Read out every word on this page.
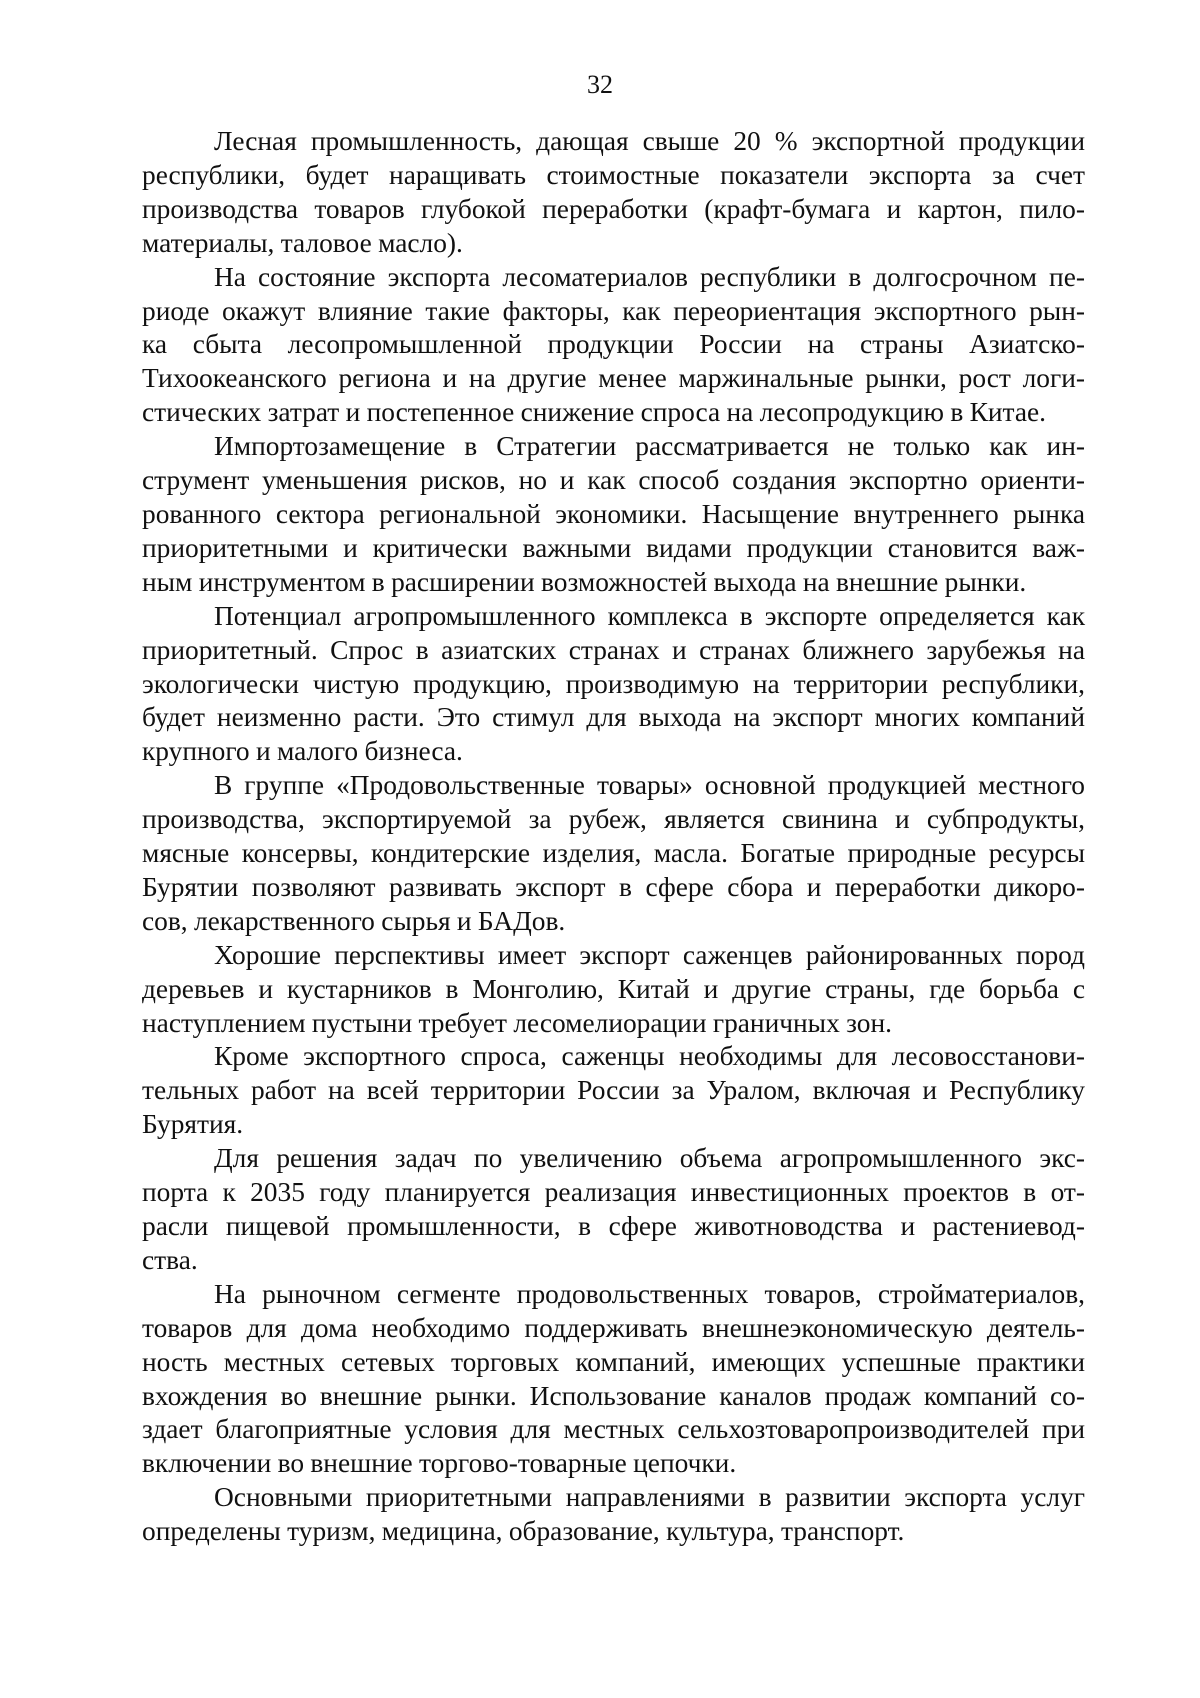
32
Лесная промышленность, дающая свыше 20 % экспортной продукции
республики, будет наращивать стоимостные показатели экспорта за счет
производства товаров глубокой переработки (крафт-бумага и картон, пило-
материалы, таловое масло).
На состояние экспорта лесоматериалов республики в долгосрочном пе-
риоде окажут влияние такие факторы, как переориентация экспортного рын-
ка сбыта лесопромышленной продукции России на страны Азиатско-
Тихоокеанского региона и на другие менее маржинальные рынки, рост логи-
стических затрат и постепенное снижение спроса на лесопродукцию в Китае.
Импортозамещение в Стратегии рассматривается не только как ин-
струмент уменьшения рисков, но и как способ создания экспортно ориенти-
рованного сектора региональной экономики. Насыщение внутреннего рынка
приоритетными и критически важными видами продукции становится важ-
ным инструментом в расширении возможностей выхода на внешние рынки.
Потенциал агропромышленного комплекса в экспорте определяется как
приоритетный. Спрос в азиатских странах и странах ближнего зарубежья на
экологически чистую продукцию, производимую на территории республики,
будет неизменно расти. Это стимул для выхода на экспорт многих компаний
крупного и малого бизнеса.
В группе «Продовольственные товары» основной продукцией местного
производства, экспортируемой за рубеж, является свинина и субпродукты,
мясные консервы, кондитерские изделия, масла. Богатые природные ресурсы
Бурятии позволяют развивать экспорт в сфере сбора и переработки дикоро-
сов, лекарственного сырья и БАДов.
Хорошие перспективы имеет экспорт саженцев районированных пород
деревьев и кустарников в Монголию, Китай и другие страны, где борьба с
наступлением пустыни требует лесомелиорации граничных зон.
Кроме экспортного спроса, саженцы необходимы для лесовосстанови-
тельных работ на всей территории России за Уралом, включая и Республику
Бурятия.
Для решения задач по увеличению объема агропромышленного экс-
порта к 2035 году планируется реализация инвестиционных проектов в от-
расли пищевой промышленности, в сфере животноводства и растениевод-
ства.
На рыночном сегменте продовольственных товаров, стройматериалов,
товаров для дома необходимо поддерживать внешнеэкономическую деятель-
ность местных сетевых торговых компаний, имеющих успешные практики
вхождения во внешние рынки. Использование каналов продаж компаний со-
здает благоприятные условия для местных сельхозтоваропроизводителей при
включении во внешние торгово-товарные цепочки.
Основными приоритетными направлениями в развитии экспорта услуг
определены туризм, медицина, образование, культура, транспорт.
